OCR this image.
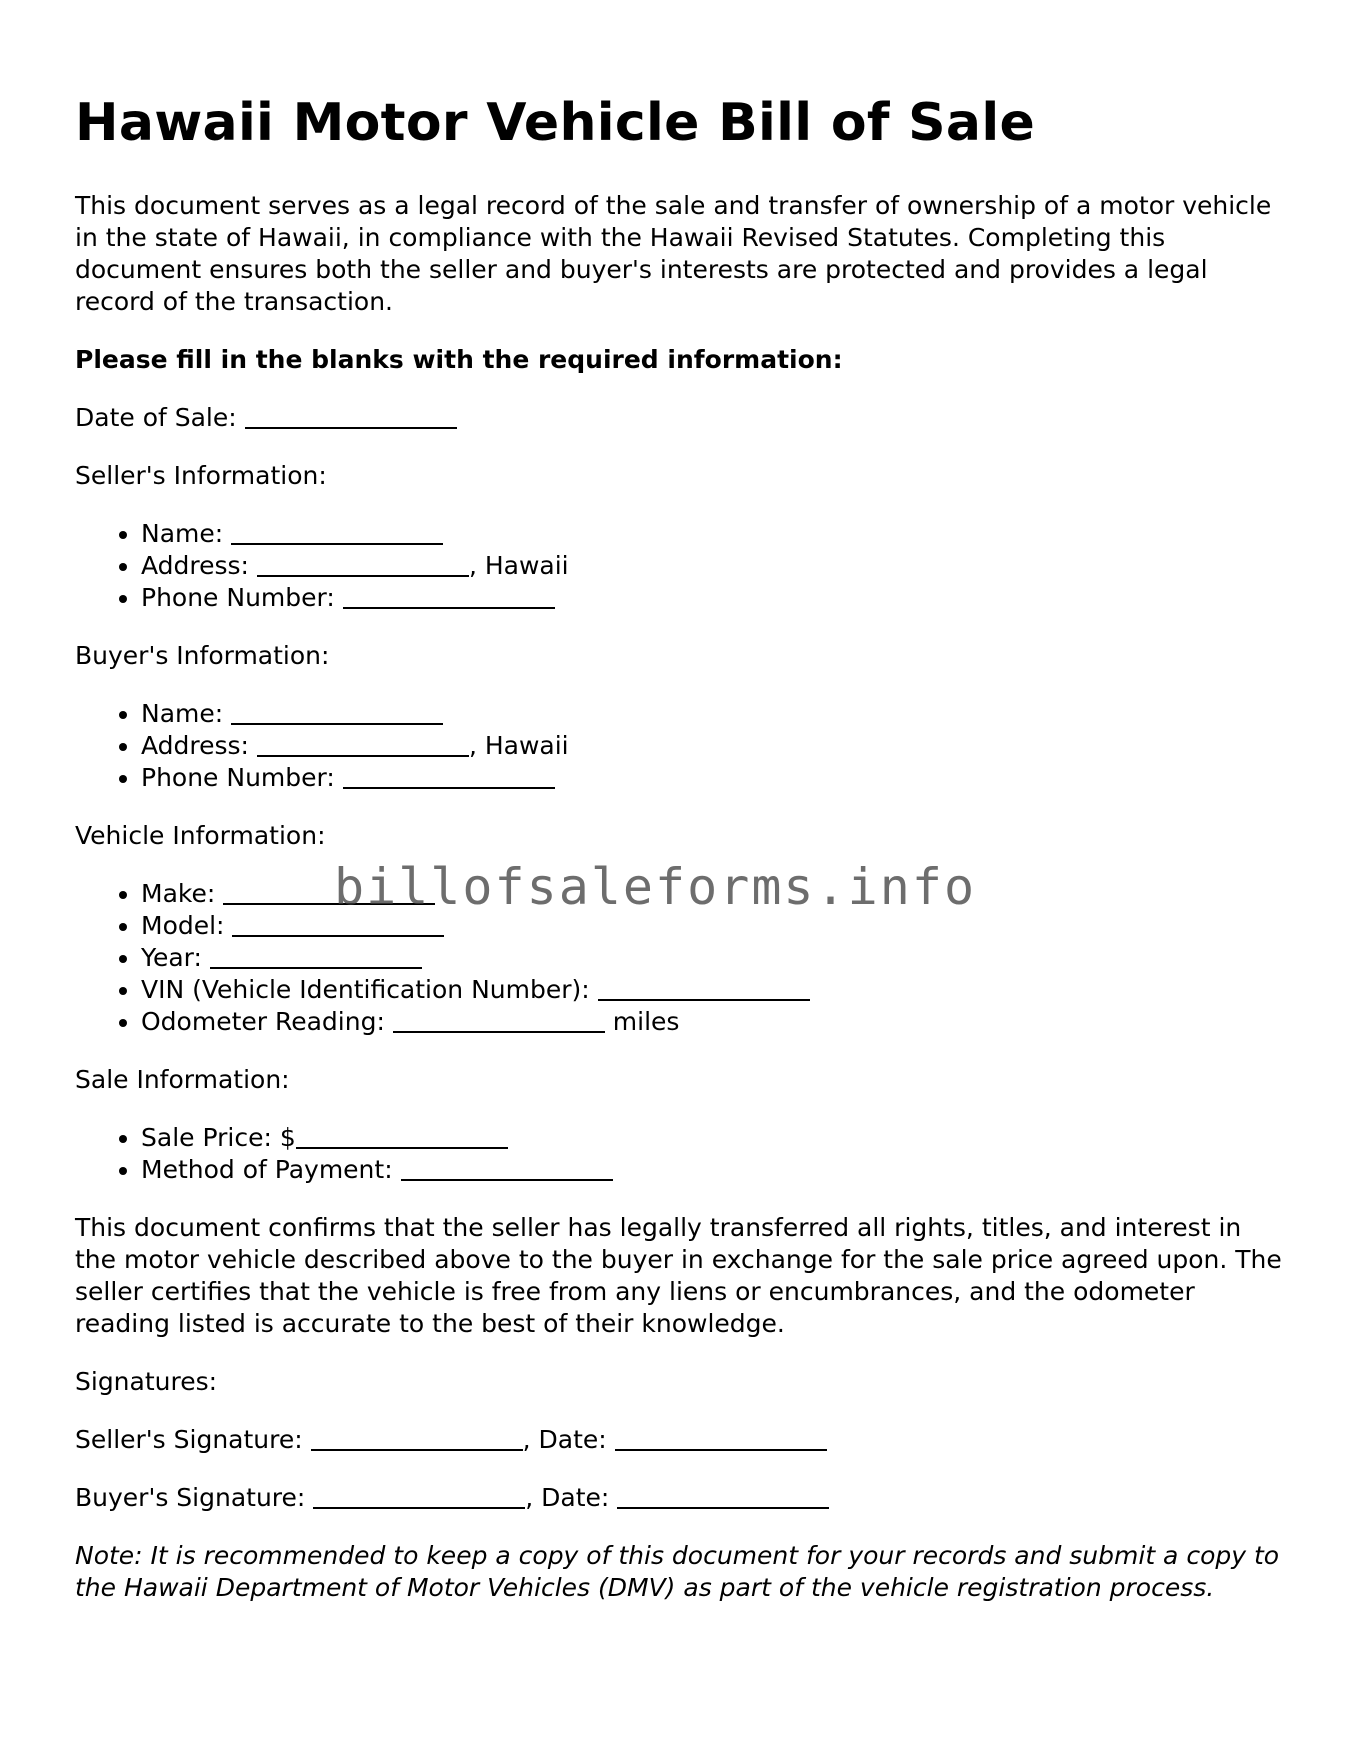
Hawaii Motor Vehicle Bill of Sale

This document serves as a legal record of the sale and transfer of ownership of a motor vehicle in the state of Hawaii, in compliance with the Hawaii Revised Statutes. Completing this document ensures both the seller and buyer's interests are protected and provides a legal record of the transaction.

Please fill in the blanks with the required information:

Date of Sale:

Seller's Information:

• Name:
• Address:	, Hawaii
• Phone Number:

Buyer's Information:

• Name:
• Address:	, Hawaii
• Phone Number:

Vehicle Information:

• Make:
• Model:
• Year:
• VIN (Vehicle Identification Number):
• Odometer Reading:	miles

Sale Information:

• Sale Price: $
• Method of Payment:

This document confirms that the seller has legally transferred all rights, titles, and interest in the motor vehicle described above to the buyer in exchange for the sale price agreed upon. The seller certifies that the vehicle is free from any liens or encumbrances, and the odometer reading listed is accurate to the best of their knowledge.

Signatures:

Seller's Signature:	, Date:

Buyer's Signature:	, Date:

Note: It is recommended to keep a copy of this document for your records and submit a copy to the Hawaii Department of Motor Vehicles (DMV) as part of the vehicle registration process.

billofsaleforms.info
